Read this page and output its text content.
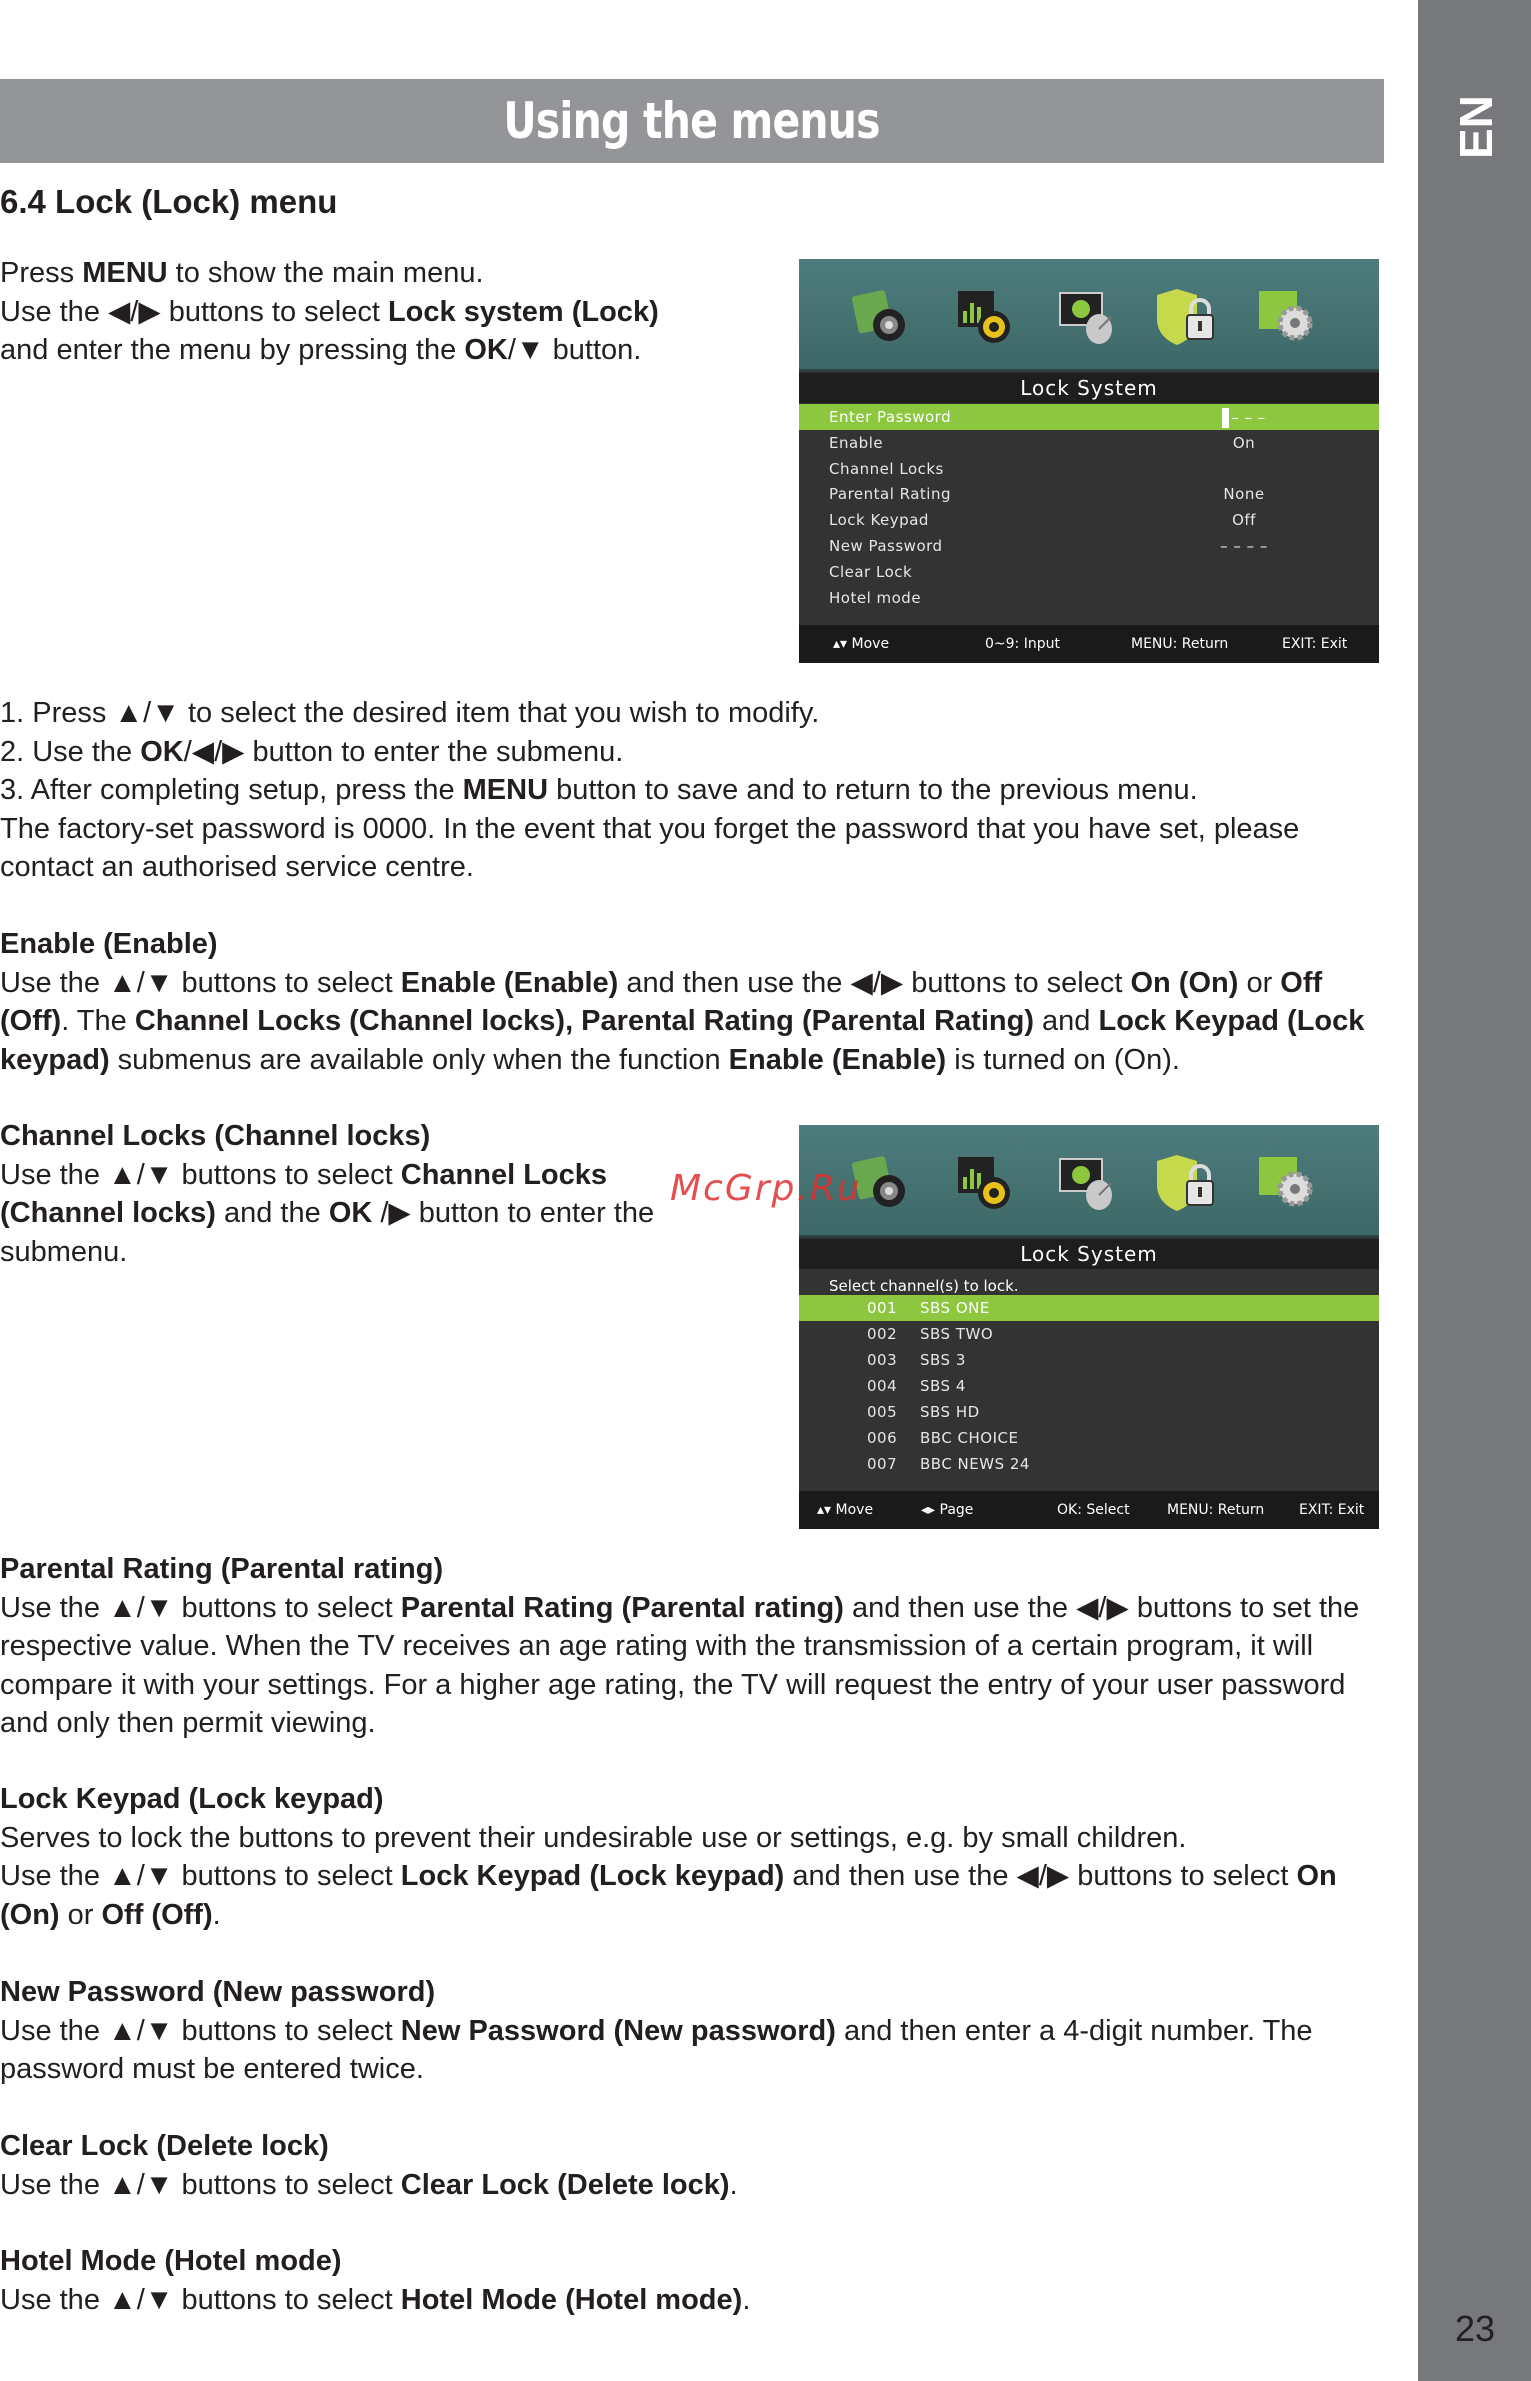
EN
23
Using the menus
6.4 Lock (Lock) menu

Press MENU to show the main menu.
Use the ◀/▶ buttons to select Lock system (Lock)
and enter the menu by pressing the OK/▼ button.

Lock System
Enter Password	– – –
Enable	On
Channel Locks
Parental Rating	None
Lock Keypad	Off
New Password	– – – –
Clear Lock
Hotel mode
▴▾ Move	0~9: Input	MENU: Return	EXIT: Exit

1. Press ▲/▼ to select the desired item that you wish to modify.
2. Use the OK/◀/▶ button to enter the submenu.
3. After completing setup, press the MENU button to save and to return to the previous menu.
The factory-set password is 0000. In the event that you forget the password that you have set, please contact an authorised service centre.

Enable (Enable)
Use the ▲/▼ buttons to select Enable (Enable) and then use the ◀/▶ buttons to select On (On) or Off (Off). The Channel Locks (Channel locks), Parental Rating (Parental Rating) and Lock Keypad (Lock keypad) submenus are available only when the function Enable (Enable) is turned on (On).

Channel Locks (Channel locks)
Use the ▲/▼ buttons to select Channel Locks (Channel locks) and the OK /▶ button to enter the submenu.	Lock System
Select channel(s) to lock.
001 SBS ONE
002 SBS TWO
003 SBS 3
004 SBS 4
005 SBS HD
006 BBC CHOICE
007 BBC NEWS 24
▴▾ Move	◂▸ Page	OK: Select	MENU: Return EXIT: Exit
McGrp.Ru

Parental Rating (Parental rating)
Use the ▲/▼ buttons to select Parental Rating (Parental rating) and then use the ◀/▶ buttons to set the respective value. When the TV receives an age rating with the transmission of a certain program, it will compare it with your settings. For a higher age rating, the TV will request the entry of your user password and only then permit viewing.

Lock Keypad (Lock keypad)
Serves to lock the buttons to prevent their undesirable use or settings, e.g. by small children.
Use the ▲/▼ buttons to select Lock Keypad (Lock keypad) and then use the ◀/▶ buttons to select On (On) or Off (Off).

New Password (New password)
Use the ▲/▼ buttons to select New Password (New password) and then enter a 4-digit number. The password must be entered twice.

Clear Lock (Delete lock)
Use the ▲/▼ buttons to select Clear Lock (Delete lock).

Hotel Mode (Hotel mode)
Use the ▲/▼ buttons to select Hotel Mode (Hotel mode).
